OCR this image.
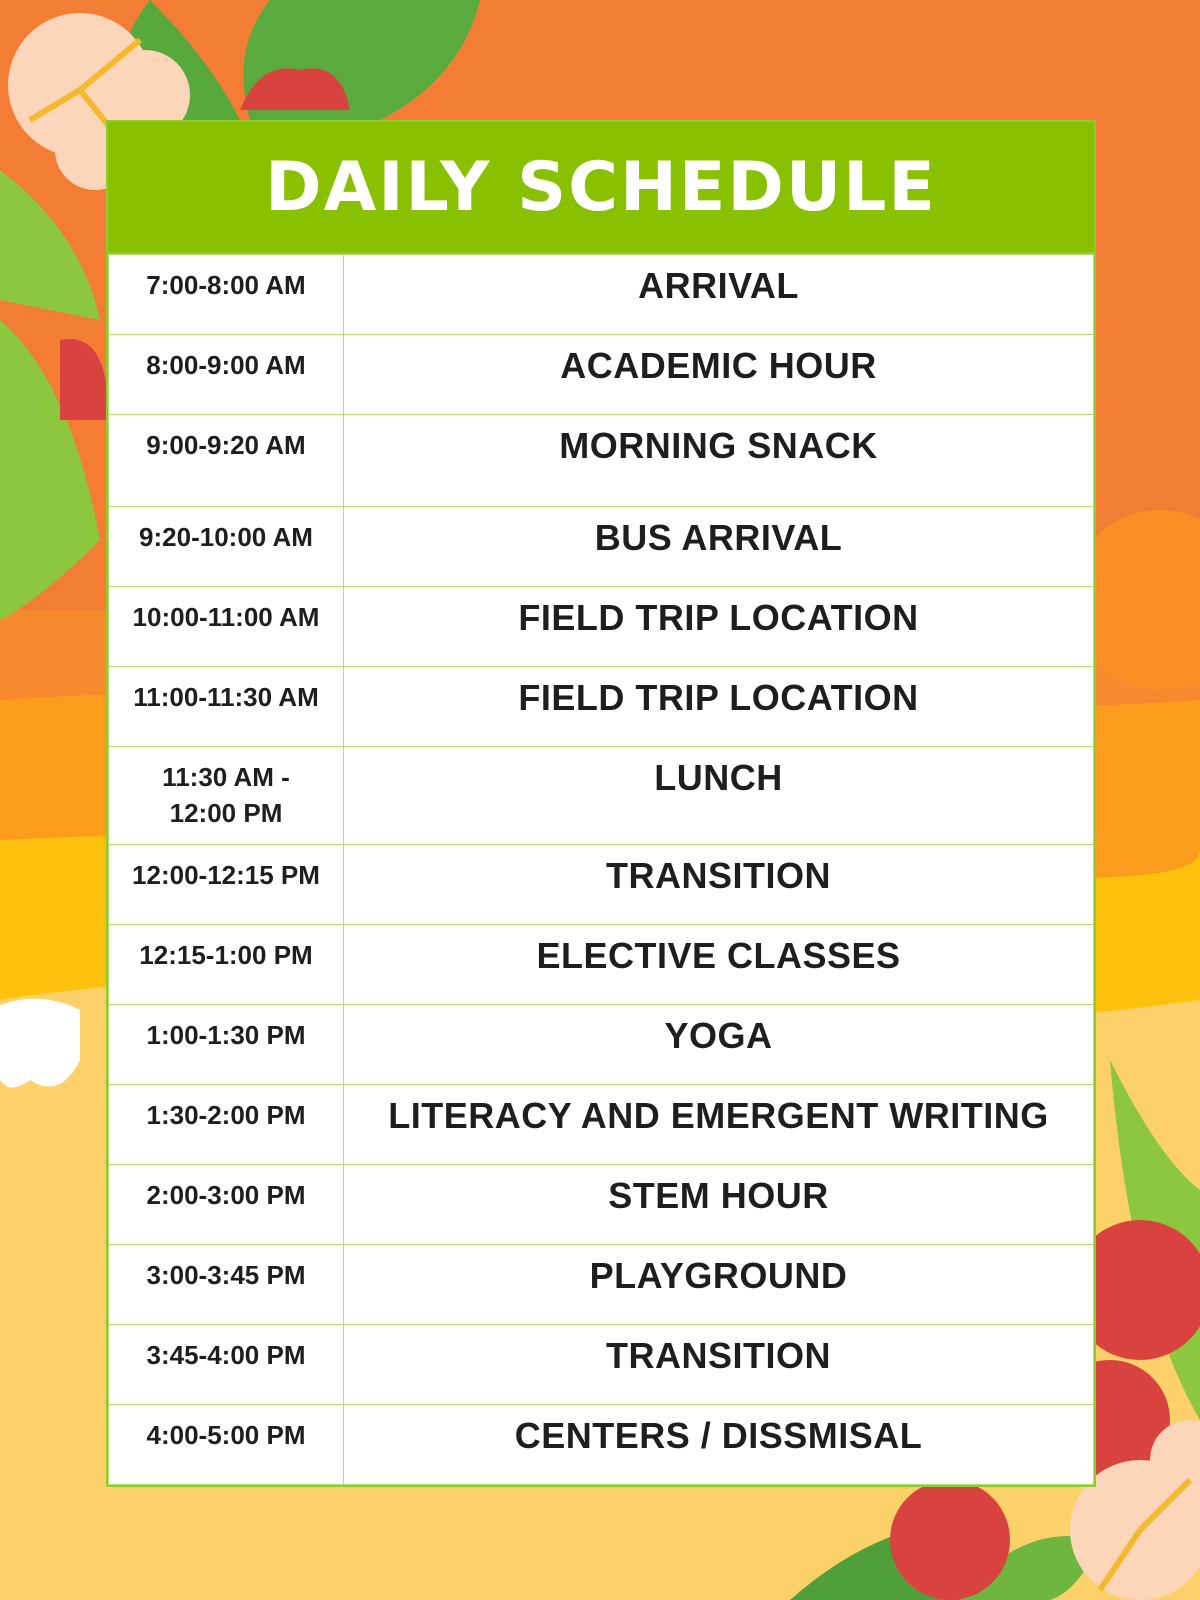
DAILY SCHEDULE
7:00-8:00 AM	ARRIVAL
8:00-9:00 AM	ACADEMIC HOUR
9:00-9:20 AM	MORNING SNACK
9:20-10:00 AM	BUS ARRIVAL
10:00-11:00 AM	FIELD TRIP LOCATION
11:00-11:30 AM	FIELD TRIP LOCATION
11:30 AM - 12:00 PM	LUNCH
12:00-12:15 PM	TRANSITION
12:15-1:00 PM	ELECTIVE CLASSES
1:00-1:30 PM	YOGA
1:30-2:00 PM	LITERACY AND EMERGENT WRITING
2:00-3:00 PM	STEM HOUR
3:00-3:45 PM	PLAYGROUND
3:45-4:00 PM	TRANSITION
4:00-5:00 PM	CENTERS / DISSMISAL
